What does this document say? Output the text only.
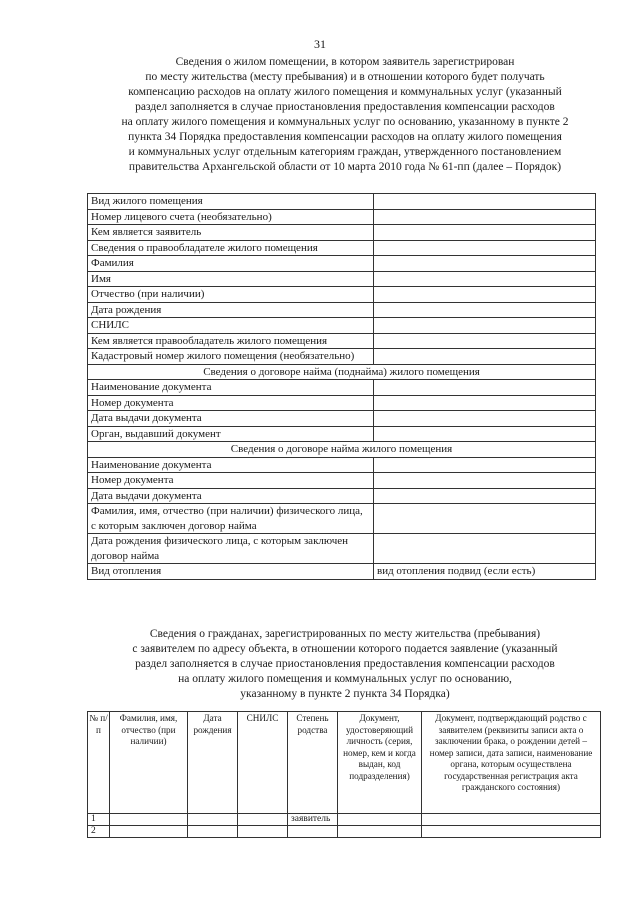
31
Сведения о жилом помещении, в котором заявитель зарегистрирован
по месту жительства (месту пребывания) и в отношении которого будет получать
компенсацию расходов на оплату жилого помещения и коммунальных услуг (указанный
раздел заполняется в случае приостановления предоставления компенсации расходов
на оплату жилого помещения и коммунальных услуг по основанию, указанному в пункте 2
пункта 34 Порядка предоставления компенсации расходов на оплату жилого помещения
и коммунальных услуг отдельным категориям граждан, утвержденного постановлением
правительства Архангельской области от 10 марта 2010 года № 61-пп (далее – Порядок)
Вид жилого помещения	
Номер лицевого счета (необязательно)	
Кем является заявитель	
Сведения о правообладателе жилого помещения	
Фамилия	
Имя	
Отчество (при наличии)	
Дата рождения	
СНИЛС	
Кем является правообладатель жилого помещения	
Кадастровый номер жилого помещения (необязательно)	
Сведения о договоре найма (поднайма) жилого помещения	
Наименование документа	
Номер документа	
Дата выдачи документа	
Орган, выдавший документ	
Сведения о договоре найма жилого помещения	
Наименование документа	
Номер документа	
Дата выдачи документа	
Фамилия, имя, отчество (при наличии) физического лица, с которым заключен договор найма	
Дата рождения физического лица, с которым заключен договор найма	
Вид отопления	вид отопления подвид (если есть)
Сведения о гражданах, зарегистрированных по месту жительства (пребывания)
с заявителем по адресу объекта, в отношении которого подается заявление (указанный
раздел заполняется в случае приостановления предоставления компенсации расходов
на оплату жилого помещения и коммунальных услуг по основанию,
указанному в пункте 2 пункта 34 Порядка)
№ п/п	Фамилия, имя, отчество (при наличии)	Дата рождения	СНИЛС	Степень родства	Документ, удостоверяющий личность (серия, номер, кем и когда выдан, код подразделения)	Документ, подтверждающий родство с заявителем (реквизиты записи акта о заключении брака, о рождении детей – номер записи, дата записи, наименование органа, которым осуществлена государственная регистрация акта гражданского состояния)
1				заявитель		
2						
